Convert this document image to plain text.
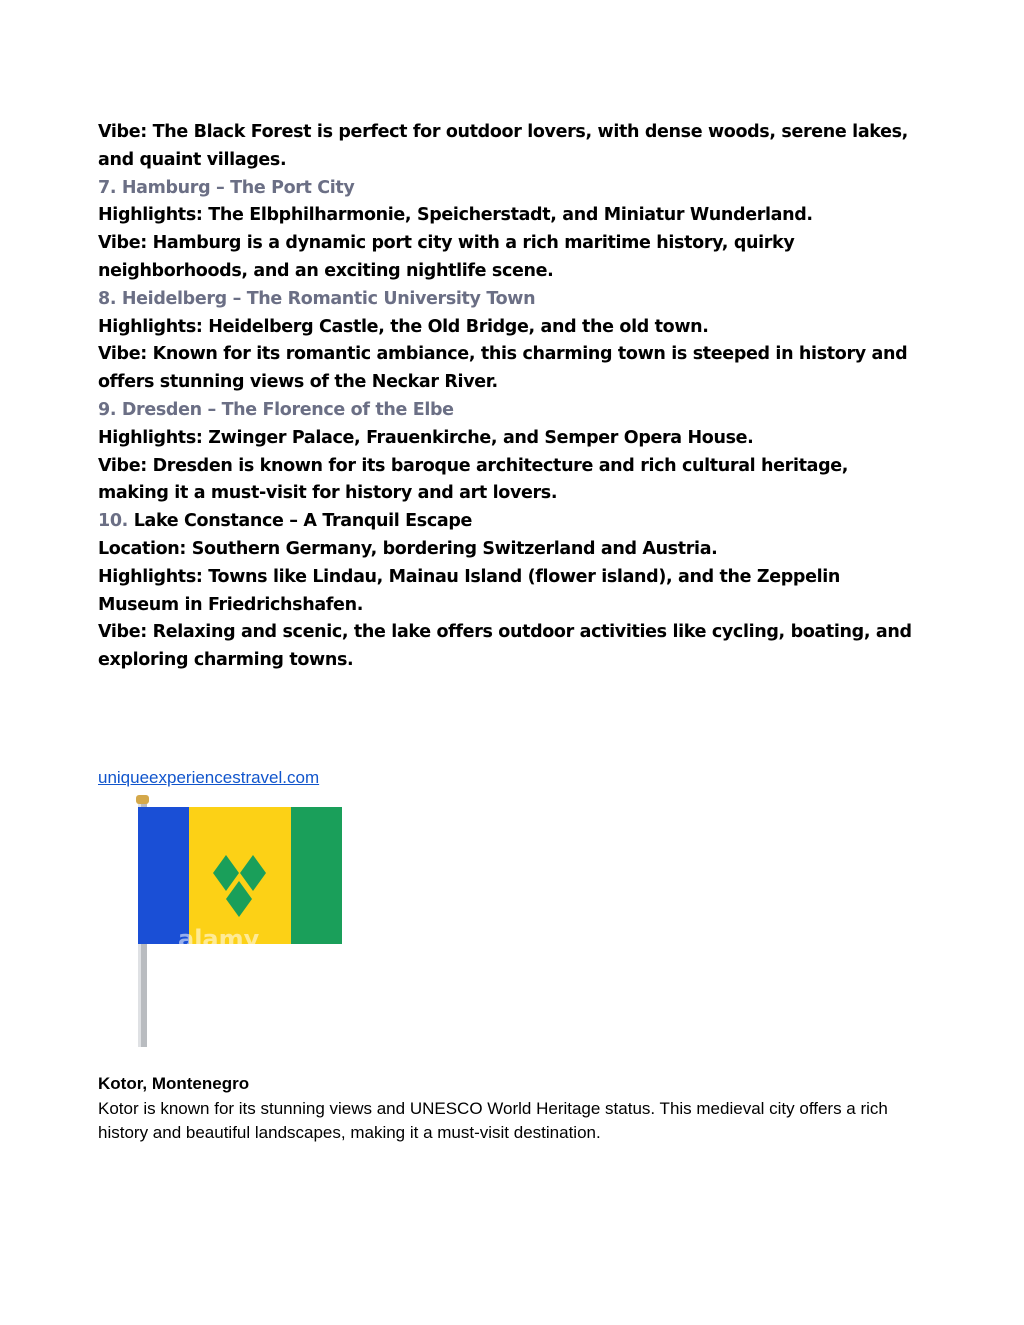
Vibe: The Black Forest is perfect for outdoor lovers, with dense woods, serene lakes, and quaint villages.

7. Hamburg – The Port City

Highlights: The Elbphilharmonie, Speicherstadt, and Miniatur Wunderland.

Vibe: Hamburg is a dynamic port city with a rich maritime history, quirky neighborhoods, and an exciting nightlife scene.

8. Heidelberg – The Romantic University Town

Highlights: Heidelberg Castle, the Old Bridge, and the old town.

Vibe: Known for its romantic ambiance, this charming town is steeped in history and offers stunning views of the Neckar River.

9. Dresden – The Florence of the Elbe

Highlights: Zwinger Palace, Frauenkirche, and Semper Opera House.

Vibe: Dresden is known for its baroque architecture and rich cultural heritage, making it a must-visit for history and art lovers.

10. Lake Constance – A Tranquil Escape

Location: Southern Germany, bordering Switzerland and Austria.

Highlights: Towns like Lindau, Mainau Island (flower island), and the Zeppelin Museum in Friedrichshafen.

Vibe: Relaxing and scenic, the lake offers outdoor activities like cycling, boating, and exploring charming towns.

uniqueexperiencestravel.com
alamy

Kotor, Montenegro

Kotor is known for its stunning views and UNESCO World Heritage status. This medieval city offers a rich history and beautiful landscapes, making it a must-visit destination.
